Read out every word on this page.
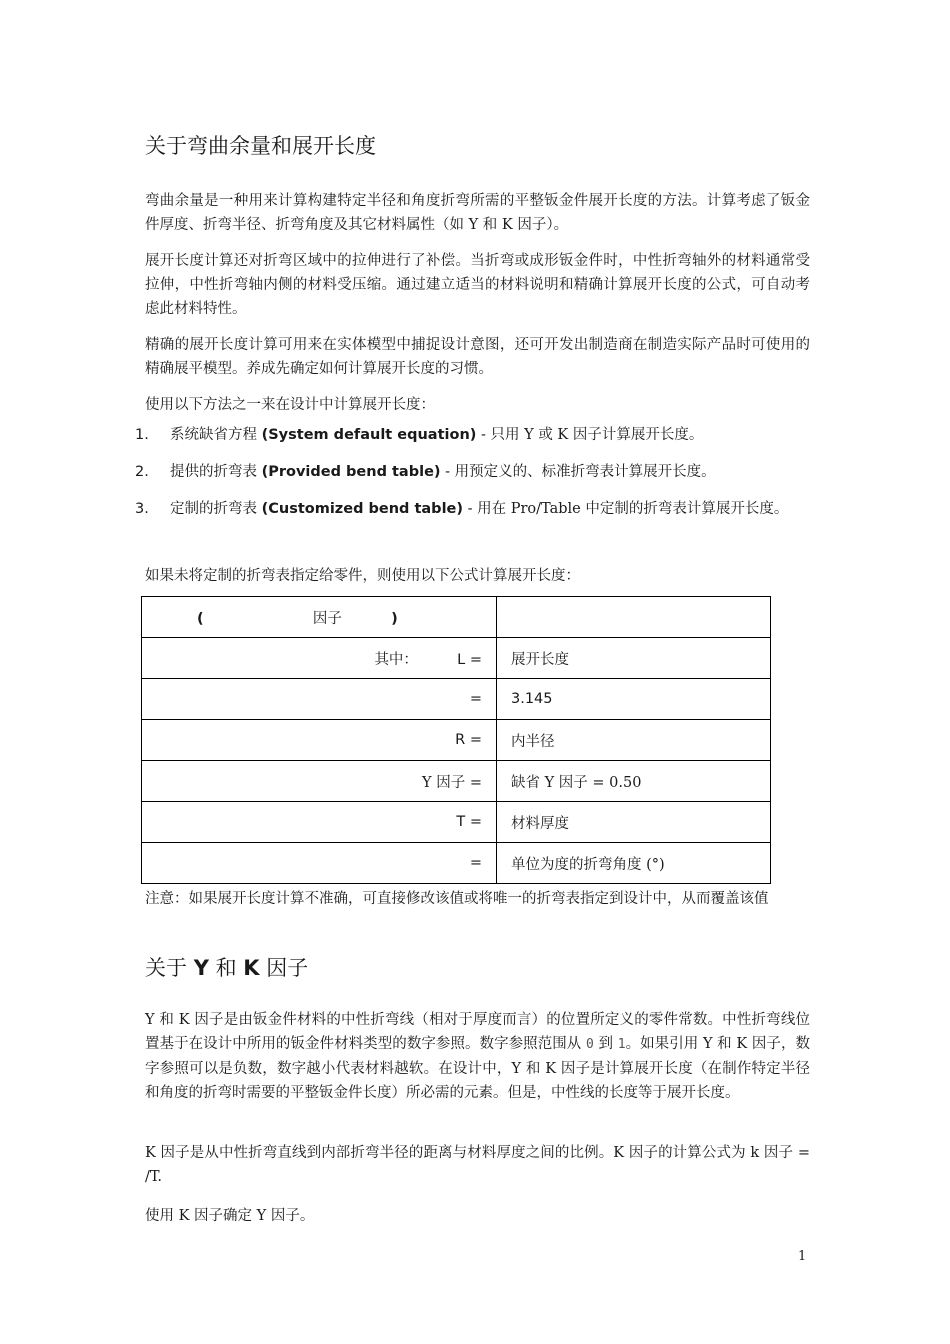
关于弯曲余量和展开长度

弯曲余量是一种用来计算构建特定半径和角度折弯所需的平整钣金件展开长度的方法。计算考虑了钣金件厚度、折弯半径、折弯角度及其它材料属性（如 Y 和 K 因子）。

展开长度计算还对折弯区域中的拉伸进行了补偿。当折弯或成形钣金件时，中性折弯轴外的材料通常受拉伸，中性折弯轴内侧的材料受压缩。通过建立适当的材料说明和精确计算展开长度的公式，可自动考虑此材料特性。

精确的展开长度计算可用来在实体模型中捕捉设计意图，还可开发出制造商在制造实际产品时可使用的精确展平模型。养成先确定如何计算展开长度的习惯。

使用以下方法之一来在设计中计算展开长度：

1. 系统缺省方程 (System default equation) - 只用 Y 或 K 因子计算展开长度。
2. 提供的折弯表 (Provided bend table) - 用预定义的、标准折弯表计算展开长度。
3. 定制的折弯表 (Customized bend table) - 用在 Pro/Table 中定制的折弯表计算展开长度。

如果未将定制的折弯表指定给零件，则使用以下公式计算展开长度：

( 因子 )	
其中： L =	展开长度
=	3.145
R =	内半径
Y 因子 =	缺省 Y 因子 = 0.50
T =	材料厚度
=	单位为度的折弯角度 (°)

注意：如果展开长度计算不准确，可直接修改该值或将唯一的折弯表指定到设计中，从而覆盖该值

关于 Y 和 K 因子

Y 和 K 因子是由钣金件材料的中性折弯线（相对于厚度而言）的位置所定义的零件常数。中性折弯线位置基于在设计中所用的钣金件材料类型的数字参照。数字参照范围从 0 到 1。如果引用 Y 和 K 因子，数字参照可以是负数，数字越小代表材料越软。在设计中，Y 和 K 因子是计算展开长度（在制作特定半径和角度的折弯时需要的平整钣金件长度）所必需的元素。但是，中性线的长度等于展开长度。

K 因子是从中性折弯直线到内部折弯半径的距离与材料厚度之间的比例。K 因子的计算公式为 k 因子 = /T.

使用 K 因子确定 Y 因子。

1
